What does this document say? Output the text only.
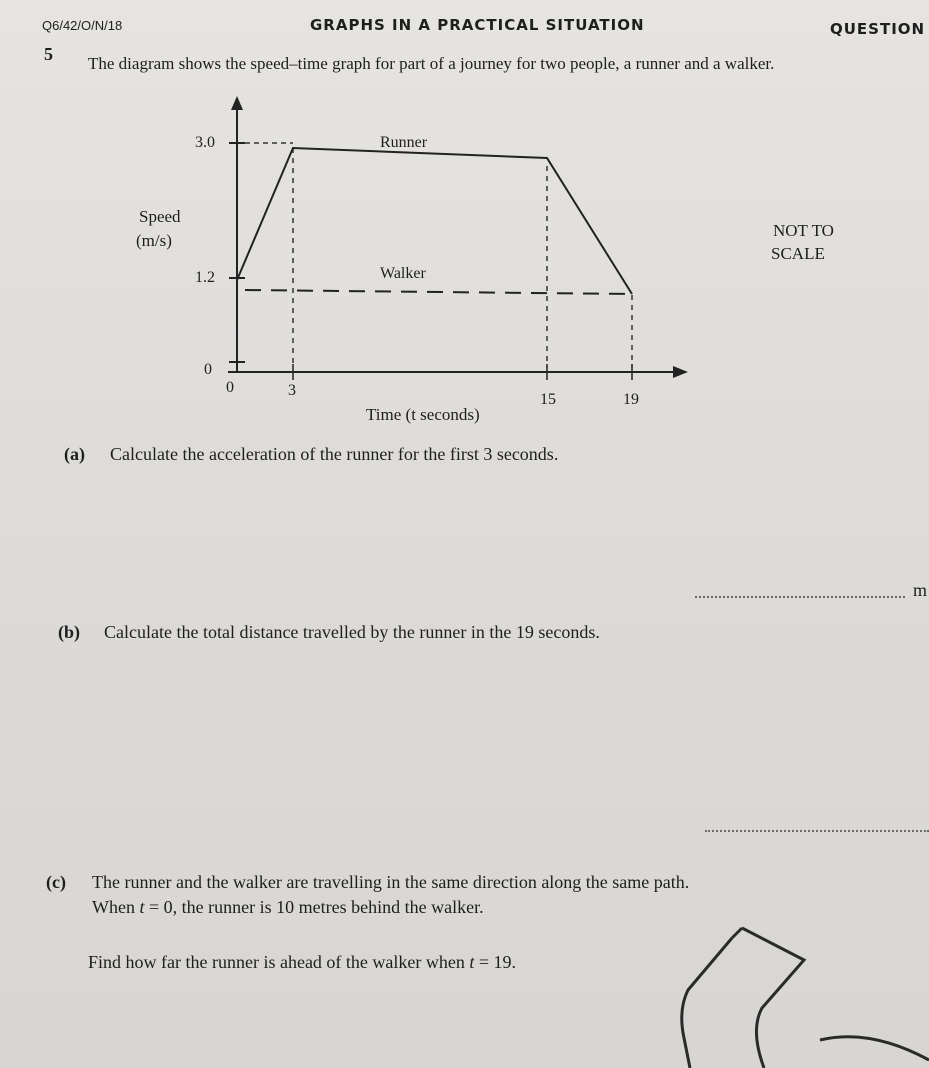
Q6/42/O/N/18	GRAPHS IN A PRACTICAL SITUATION	QUESTION
5 The diagram shows the speed–time graph for part of a journey for two people, a runner and a walker.
3.0
1.2
0
0	3
15	19
Speed
(m/s)
Time (t seconds)
Runner
Walker
NOT TO
SCALE
(a) Calculate the acceleration of the runner for the first 3 seconds.
m
(b) Calculate the total distance travelled by the runner in the 19 seconds.
(c) The runner and the walker are travelling in the same direction along the same path.
When t = 0, the runner is 10 metres behind the walker.
Find how far the runner is ahead of the walker when t = 19.
